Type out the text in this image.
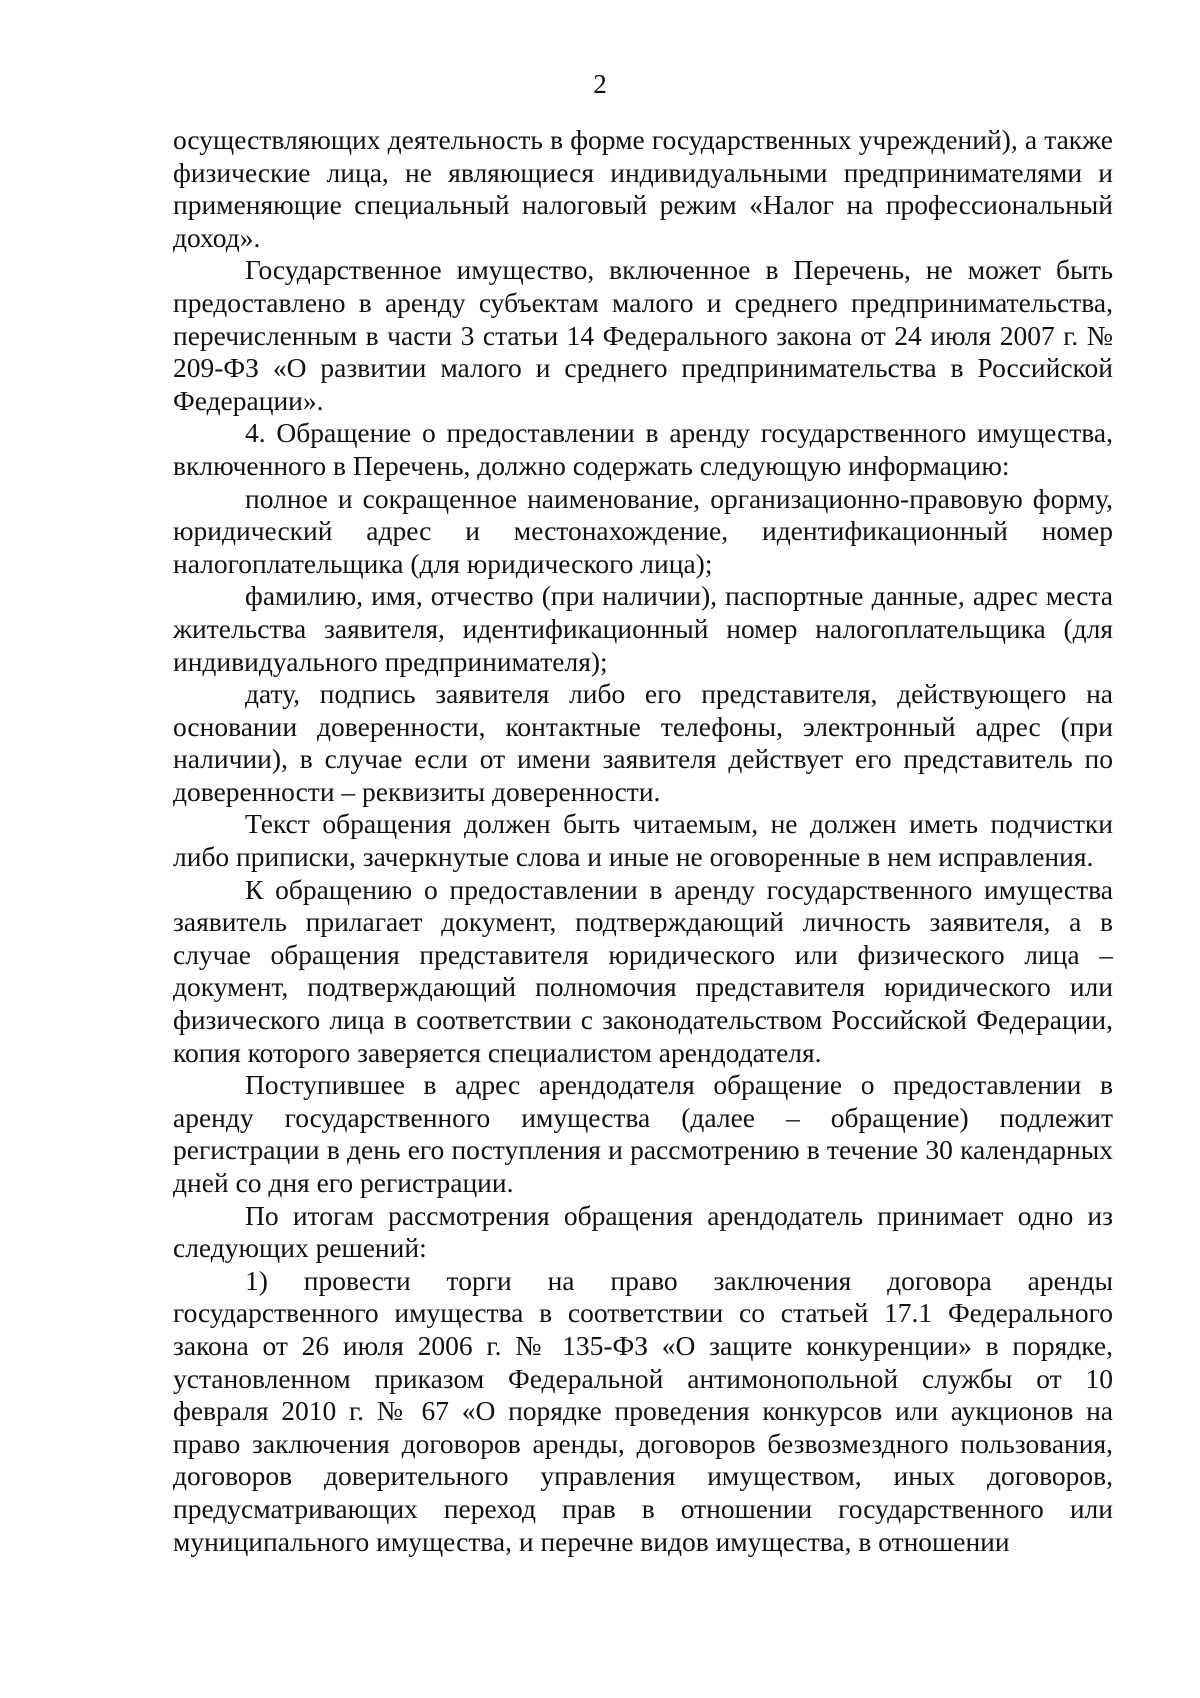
2

осуществляющих деятельность в форме государственных учреждений), а также физические лица, не являющиеся индивидуальными предпринимателями и применяющие специальный налоговый режим «Налог на профессиональный доход».

Государственное имущество, включенное в Перечень, не может быть предоставлено в аренду субъектам малого и среднего предпринимательства, перечисленным в части 3 статьи 14 Федерального закона от 24 июля 2007 г. № 209-ФЗ «О развитии малого и среднего предпринимательства в Российской Федерации».

4. Обращение о предоставлении в аренду государственного имущества, включенного в Перечень, должно содержать следующую информацию:

полное и сокращенное наименование, организационно-правовую форму, юридический адрес и местонахождение, идентификационный номер налогоплательщика (для юридического лица);

фамилию, имя, отчество (при наличии), паспортные данные, адрес места жительства заявителя, идентификационный номер налогоплательщика (для индивидуального предпринимателя);

дату, подпись заявителя либо его представителя, действующего на основании доверенности, контактные телефоны, электронный адрес (при наличии), в случае если от имени заявителя действует его представитель по доверенности – реквизиты доверенности.

Текст обращения должен быть читаемым, не должен иметь подчистки либо приписки, зачеркнутые слова и иные не оговоренные в нем исправления.

К обращению о предоставлении в аренду государственного имущества заявитель прилагает документ, подтверждающий личность заявителя, а в случае обращения представителя юридического или физического лица – документ, подтверждающий полномочия представителя юридического или физического лица в соответствии с законодательством Российской Федерации, копия которого заверяется специалистом арендодателя.

Поступившее в адрес арендодателя обращение о предоставлении в аренду государственного имущества (далее – обращение) подлежит регистрации в день его поступления и рассмотрению в течение 30 календарных дней со дня его регистрации.

По итогам рассмотрения обращения арендодатель принимает одно из следующих решений:

1) провести торги на право заключения договора аренды государственного имущества в соответствии со статьей 17.1 Федерального закона от 26 июля 2006 г. № 135-ФЗ «О защите конкуренции» в порядке, установленном приказом Федеральной антимонопольной службы от 10 февраля 2010 г. № 67 «О порядке проведения конкурсов или аукционов на право заключения договоров аренды, договоров безвозмездного пользования, договоров доверительного управления имуществом, иных договоров, предусматривающих переход прав в отношении государственного или муниципального имущества, и перечне видов имущества, в отношении
